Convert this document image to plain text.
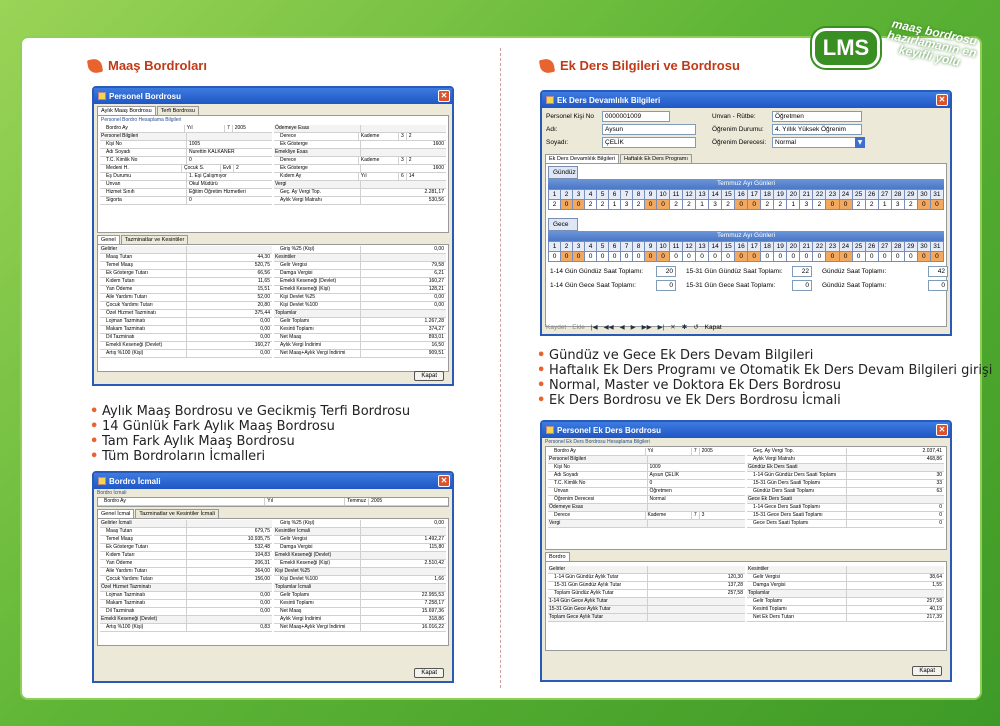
LMS	maaş bordrosu hazırlamanın en keyifli yolu
Maaş Bordroları
Personel Bordrosu	✕
Aylık Maaş Bordrosu	Terfi Bordrosu
Personel Bordro Hesaplama Bilgileri
Bordro Ay	Yıl	7	2005
Personel Bilgileri
Kişi No	1005
Adı Soyadı	Nurettin KALKANER
T.C. Kimlik No	0
Medeni H.	Çocuk S.	Evli	2
Eş Durumu	1. Eşi Çalışmıyor
Unvan	Okul Müdürü
Hizmet Sınıfı	Eğitim Öğretim Hizmetleri
Sigorta	0
Ödemeye Esas
Derece	Kademe	3	2
Ek Gösterge	1600
Emekliye Esas
Derece	Kademe	3	2
Ek Gösterge	1600
Kıdem Ay	Yıl	6	14
Vergi
Geç. Ay Vergi Top.	2.281,17
Aylık Vergi Matrahı	530,56
Genel	Tazminatlar ve Kesintiler
Gelirler
Maaş Tutarı	44,30
Temel Maaş	520,75
Ek Gösterge Tutarı	66,56
Kıdem Tutarı	11,65
Yan Ödeme	15,51
Aile Yardımı Tutarı	52,00
Çocuk Yardımı Tutarı	20,80
Özel Hizmet Tazminatı	375,44
Lojman Tazminatı	0,00
Makam Tazminatı	0,00
Dil Tazminatı	0,00
Emekli Keseneği (Devlet)	160,27
Artış %100 (Kişi)	0,00
Giriş %25 (Kişi)	0,00
Kesintiler
Gelir Vergisi	79,58
Damga Vergisi	6,21
Emekli Keseneği (Devlet)	160,27
Emekli Keseneği (Kişi)	128,21
Kişi Devlet %25	0,00
Kişi Devlet %100	0,00
Toplamlar
Gelir Toplamı	1.267,28
Kesinti Toplamı	374,27
Net Maaş	893,01
Aylık Vergi İndirimi	16,50
Net Maaş+Aylık Vergi İndirimi	909,51
Kapat
• Aylık Maaş Bordrosu ve Gecikmiş Terfi Bordrosu
• 14 Günlük Fark Aylık Maaş Bordrosu
• Tam Fark Aylık Maaş Bordrosu
• Tüm Bordroların İcmalleri
Bordro İcmali	✕
Bordro İcmali
Bordro Ay	Yıl	Temmuz	2005
Genel İcmal	Tazminatlar ve Kesintiler İcmali
Gelirler İcmali
Maaş Tutarı	679,75
Temel Maaş	10.935,75
Ek Gösterge Tutarı	532,48
Kıdem Tutarı	104,83
Yan Ödeme	206,31
Aile Yardımı Tutarı	364,00
Çocuk Yardımı Tutarı	156,00
Özel Hizmet Tazminatı
Lojman Tazminatı	0,00
Makam Tazminatı	0,00
Dil Tazminatı	0,00
Emekli Keseneği (Devlet)
Artış %100 (Kişi)	0,83
Giriş %25 (Kişi)	0,00
Kesintiler İcmali
Gelir Vergisi	1.492,27
Damga Vergisi	115,80
Emekli Keseneği (Devlet)
Emekli Keseneği (Kişi)	2.510,42
Kişi Devlet %25
Kişi Devlet %100	1,66
Toplamlar İcmali
Gelir Toplamı	22.955,53
Kesinti Toplamı	7.258,17
Net Maaş	15.697,36
Aylık Vergi İndirimi	318,86
Net Maaş+Aylık Vergi İndirimi	16.016,22
Kapat
Ek Ders Bilgileri ve Bordrosu
Ek Ders Devamlılık Bilgileri	✕
Personel Kişi No	0000001009
Adı:	Aysun
Soyadı:	ÇELİK
Unvan - Rütbe:	Öğretmen
Öğrenim Durumu:	4. Yıllık Yüksek Öğrenim
Öğrenim Derecesi:	Normal	▼
Ek Ders Devamlılık Bilgileri	Haftalık Ek Ders Programı
Gündüz
Temmuz Ayı Günleri
1	2	3	4	5	6	7	8	9	10	11	12	13	14	15	16	17	18	19	20	21	22	23	24	25	26	27	28	29	30	31
2	0	0	2	2	1	3	2	0	0	2	2	1	3	2	0	0	2	2	1	3	2	0	0	2	2	1	3	2	0	0
Gece
Temmuz Ayı Günleri
1	2	3	4	5	6	7	8	9	10	11	12	13	14	15	16	17	18	19	20	21	22	23	24	25	26	27	28	29	30	31
0	0	0	0	0	0	0	0	0	0	0	0	0	0	0	0	0	0	0	0	0	0	0	0	0	0	0	0	0	0	0
1-14 Gün Gündüz Saat Toplamı:	20	15-31 Gün Gündüz Saat Toplamı:	22	Gündüz Saat Toplamı:	42
1-14 Gün Gece Saat Toplamı:	0	15-31 Gün Gece Saat Toplamı:	0	Gündüz Saat Toplamı:	0
Kaydet Ekle |◀ ◀◀ ◀ ▶ ▶▶ ▶| ✕ ✱ ↺ Kapat
• Gündüz ve Gece Ek Ders Devam Bilgileri
• Haftalık Ek Ders Programı ve Otomatik Ek Ders Devam Bilgileri girişi
• Normal, Master ve Doktora Ek Ders Bordrosu
• Ek Ders Bordrosu ve Ek Ders Bordrosu İcmali
Personel Ek Ders Bordrosu	✕
Personel Ek Ders Bordrosu Hesaplama Bilgileri
Bordro Ay	Yıl	7	2005
Personel Bilgileri
Kişi No	1009
Adı Soyadı	Aysun ÇELİK
T.C. Kimlik No	0
Unvan	Öğretmen
Öğrenim Derecesi	Normal
Ödemeye Esas
Derece	Kademe	7	3
Vergi
Geç. Ay Vergi Top.	2.037,41
Aylık Vergi Matrahı	468,86
Gündüz Ek Ders Saati
1-14 Gün Gündüz Ders Saati Toplamı	30
15-31 Gün Ders Saati Toplamı	33
Gündüz Ders Saati Toplamı	63
Gece Ek Ders Saati
1-14 Gece Ders Saati Toplamı	0
15-31 Gece Ders Saati Toplamı	0
Gece Ders Saati Toplamı	0
Bordro
Gelirler
1-14 Gün Gündüz Aylık Tutar	120,30
15-31 Gün Gündüz Aylık Tutar	137,28
Toplam Gündüz Aylık Tutar	257,58
1-14 Gün Gece Aylık Tutar
15-31 Gün Gece Aylık Tutar
Toplam Gece Aylık Tutar
Kesintiler
Gelir Vergisi	38,64
Damga Vergisi	1,55
Toplamlar
Gelir Toplamı	257,58
Kesinti Toplamı	40,19
Net Ek Ders Tutarı	217,39
Kapat
